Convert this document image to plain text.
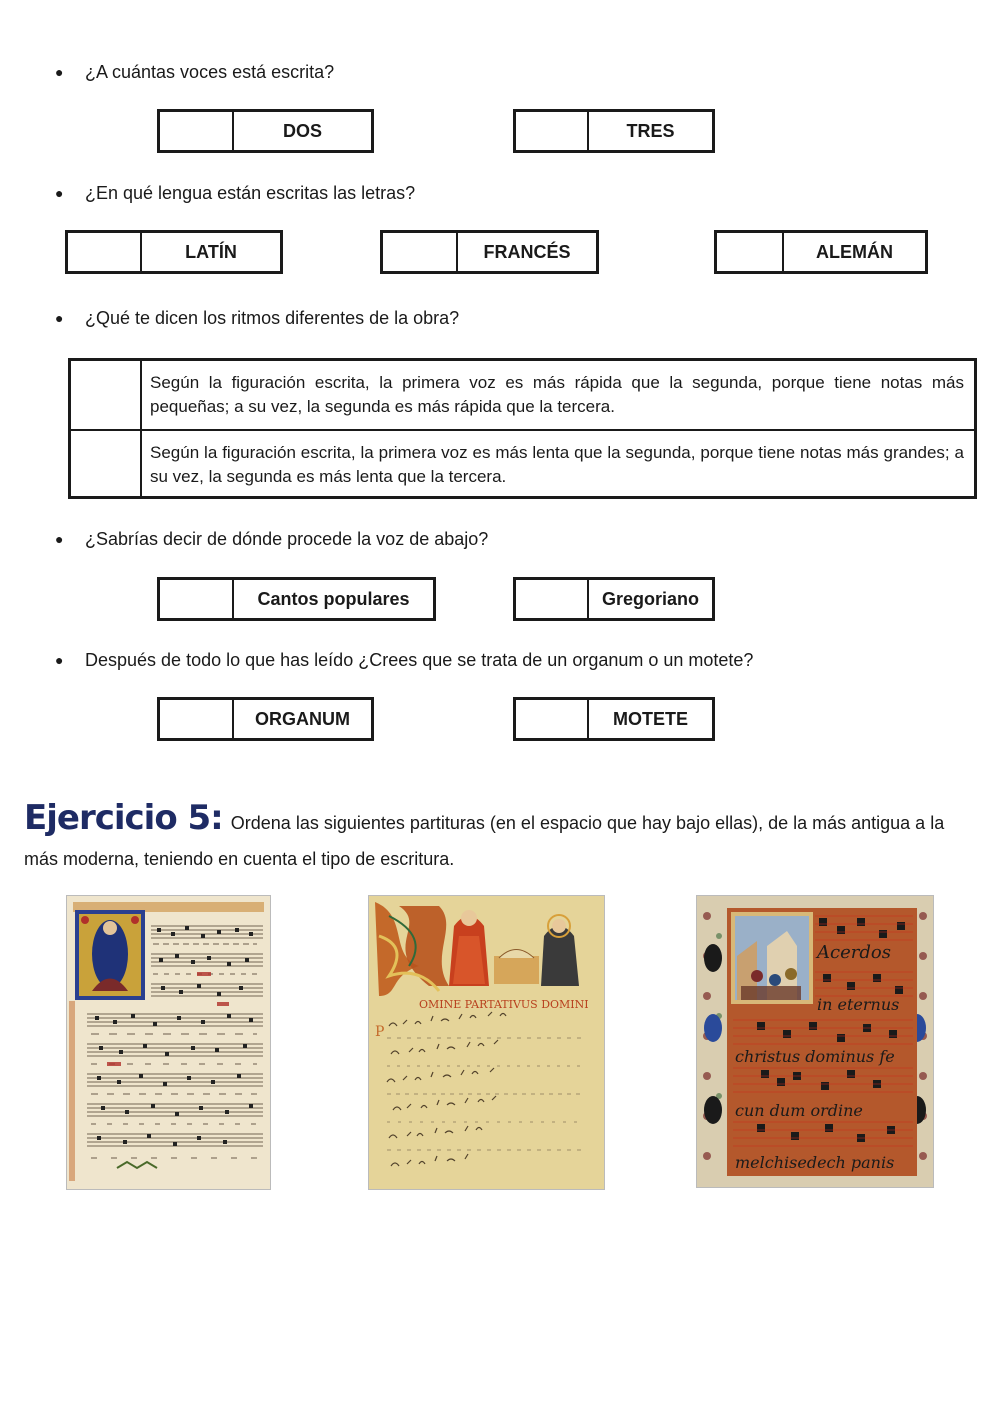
●	¿A cuántas voces está escrita?
DOS	TRES
●	¿En qué lengua están escritas las letras?
LATÍN	FRANCÉS	ALEMÁN
●	¿Qué te dicen los ritmos diferentes de la obra?
Según la figuración escrita, la primera voz es más rápida que la segunda, porque tiene notas más pequeñas; a su vez, la segunda es más rápida que la tercera.
Según la figuración escrita, la primera voz es más lenta que la segunda, porque tiene notas más grandes; a su vez, la segunda es más lenta que la tercera.
●	¿Sabrías decir de dónde procede la voz de abajo?
Cantos populares	Gregoriano
●	Después de todo lo que has leído ¿Crees que se trata de un organum o un motete?
ORGANUM	MOTETE
Ejercicio 5: Ordena las siguientes partituras (en el espacio que hay bajo ellas), de la más antigua a la más moderna, teniendo en cuenta el tipo de escritura.
OMINE PARTATIVUS DOMINI
P
Acerdos
in eternus
christus dominus fe
cun dum ordine
melchisedech panis
